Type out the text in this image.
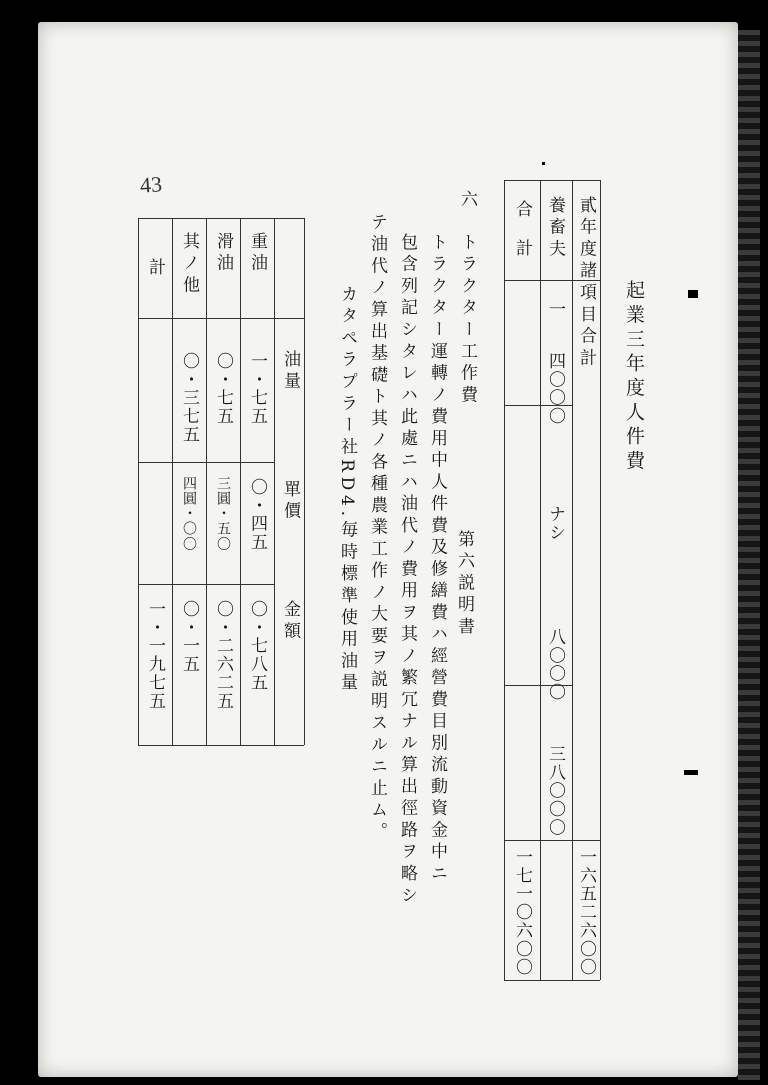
43
起業三年度人件費
貳年度諸項目合計
養畜夫
一
四〇〇〇
ナシ
八〇〇〇
三八〇〇〇
合計
一六五二六〇〇
一七一〇六〇〇
第六説明書
トラクター運轉ノ費用中人件費及修繕費ハ經營費目別流動資金中ニ
包含列記シタレハ此處ニハ油代ノ費用ヲ其ノ繁冗ナル算出徑路ヲ略シ
テ油代ノ算出基礎ト其ノ各種農業工作ノ大要ヲ説明スルニ止ム。
六
トラクター工作費
カタペラプラー社RD4.毎時標準使用油量
油量
單價
金額
重油
一・七五
〇・四五
〇・七八五
滑油
〇・七五
三圓・五〇
〇・二六二五
其ノ他
〇・三七五
四圓・〇〇
〇・一五
計
一・一九七五
